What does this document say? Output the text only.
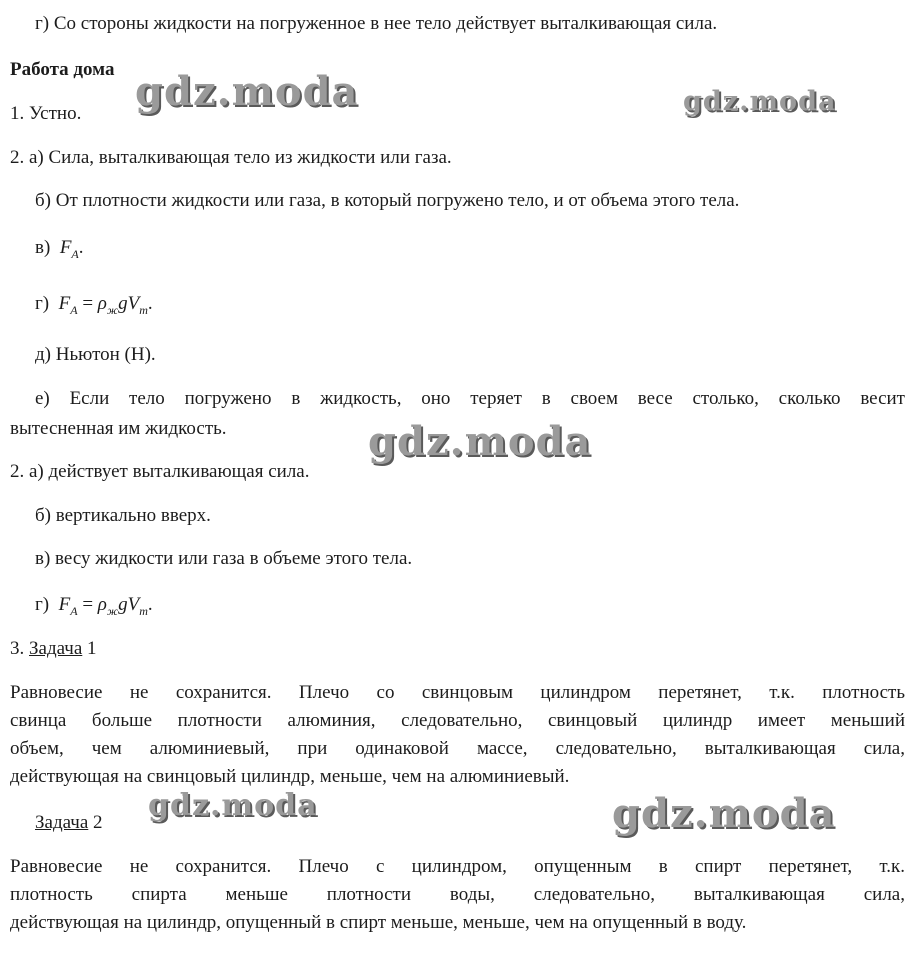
gdz.moda	gdz.moda
gdz.moda
gdz.moda	gdz.moda
г) Со стороны жидкости на погруженное в нее тело действует выталкивающая сила.
Работа дома
1. Устно.
2. а) Сила, выталкивающая тело из жидкости или газа.
б) От плотности жидкости или газа, в который погружено тело, и от объема этого тела.
в) $F_A$.
г) $F_A = \rho_жgV_т$.
д) Ньютон (Н).
е) Если тело погружено в жидкость, оно теряет в своем весе столько, сколько весит
вытесненная им жидкость.
2. а) действует выталкивающая сила.
б) вертикально вверх.
в) весу жидкости или газа в объеме этого тела.
г) $F_A = \rho_жgV_т$.
3. Задача 1
Равновесие не сохранится. Плечо со свинцовым цилиндром перетянет, т.к. плотность
свинца больше плотности алюминия, следовательно, свинцовый цилиндр имеет меньший
объем, чем алюминиевый, при одинаковой массе, следовательно, выталкивающая сила,
действующая на свинцовый цилиндр, меньше, чем на алюминиевый.
Задача 2
Равновесие не сохранится. Плечо с цилиндром, опущенным в спирт перетянет, т.к.
плотность спирта меньше плотности воды, следовательно, выталкивающая сила,
действующая на цилиндр, опущенный в спирт меньше, меньше, чем на опущенный в воду.
